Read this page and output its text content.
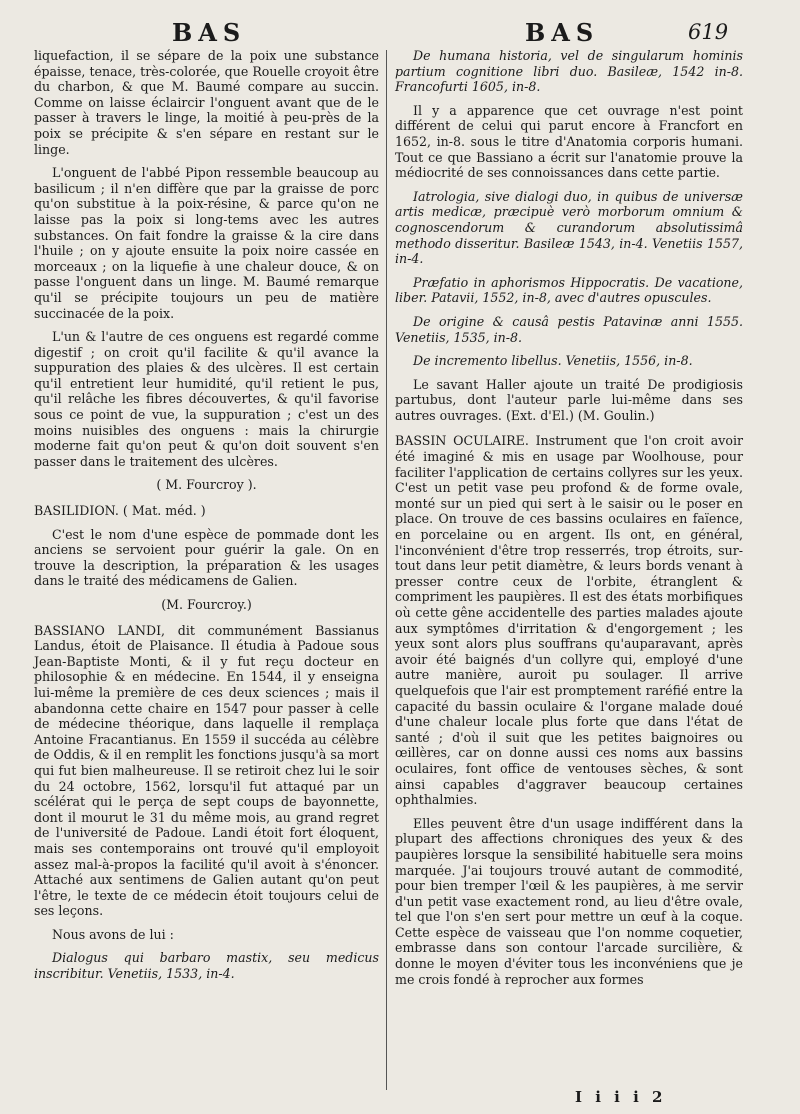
BAS	BAS	619

liquefaction, il se sépare de la poix une substance épaisse, tenace, très-colorée, que Rouelle croyoit être du charbon, & que M. Baumé compare au succin. Comme on laisse éclaircir l'onguent avant que de le passer à travers le linge, la moitié à peu-près de la poix se précipite & s'en sépare en restant sur le linge.

L'onguent de l'abbé Pipon ressemble beaucoup au basilicum ; il n'en diffère que par la graisse de porc qu'on substitue à la poix-résine, & parce qu'on ne laisse pas la poix si long-tems avec les autres substances. On fait fondre la graisse & la cire dans l'huile ; on y ajoute ensuite la poix noire cassée en morceaux ; on la liquefie à une chaleur douce, & on passe l'onguent dans un linge. M. Baumé remarque qu'il se précipite toujours un peu de matière succinacée de la poix.

L'un & l'autre de ces onguens est regardé comme digestif ; on croit qu'il facilite & qu'il avance la suppuration des plaies & des ulcères. Il est certain qu'il entretient leur humidité, qu'il retient le pus, qu'il relâche les fibres découvertes, & qu'il favorise sous ce point de vue, la suppuration ; c'est un des moins nuisibles des onguens : mais la chirurgie moderne fait qu'on peut & qu'on doit souvent s'en passer dans le traitement des ulcères.

( M. Fourcroy ).

BASILIDION. ( Mat. méd. )

C'est le nom d'une espèce de pommade dont les anciens se servoient pour guérir la gale. On en trouve la description, la préparation & les usages dans le traité des médicamens de Galien.

(M. Fourcroy.)

BASSIANO LANDI, dit communément Bassianus Landus, étoit de Plaisance. Il étudia à Padoue sous Jean-Baptiste Monti, & il y fut reçu docteur en philosophie & en médecine. En 1544, il y enseigna lui-même la première de ces deux sciences ; mais il abandonna cette chaire en 1547 pour passer à celle de médecine théorique, dans laquelle il remplaça Antoine Fracantianus. En 1559 il succéda au célèbre de Oddis, & il en remplit les fonctions jusqu'à sa mort qui fut bien malheureuse. Il se retiroit chez lui le soir du 24 octobre, 1562, lorsqu'il fut attaqué par un scélérat qui le perça de sept coups de bayonnette, dont il mourut le 31 du même mois, au grand regret de l'université de Padoue. Landi étoit fort éloquent, mais ses contemporains ont trouvé qu'il employoit assez mal-à-propos la facilité qu'il avoit à s'énoncer. Attaché aux sentimens de Galien autant qu'on peut l'être, le texte de ce médecin étoit toujours celui de ses leçons.

Nous avons de lui :

Dialogus qui barbaro mastix, seu medicus inscribitur. Venetiis, 1533, in-4.

De humana historia, vel de singularum hominis partium cognitione libri duo. Basileæ, 1542 in-8. Francofurti 1605, in-8.

Il y a apparence que cet ouvrage n'est point différent de celui qui parut encore à Francfort en 1652, in-8. sous le titre d'Anatomia corporis humani. Tout ce que Bassiano a écrit sur l'anatomie prouve la médiocrité de ses connoissances dans cette partie.

Iatrologia, sive dialogi duo, in quibus de universæ artis medicæ, præcipuè verò morborum omnium & cognoscendorum & curandorum absolutissimâ methodo disseritur. Basileæ 1543, in-4. Venetiis 1557, in-4.

Præfatio in aphorismos Hippocratis. De vacatione, liber. Patavii, 1552, in-8, avec d'autres opuscules.

De origine & causâ pestis Patavinæ anni 1555. Venetiis, 1535, in-8.

De incremento libellus. Venetiis, 1556, in-8.

Le savant Haller ajoute un traité De prodigiosis partubus, dont l'auteur parle lui-même dans ses autres ouvrages. (Ext. d'El.) (M. Goulin.)

BASSIN OCULAIRE. Instrument que l'on croit avoir été imaginé & mis en usage par Woolhouse, pour faciliter l'application de certains collyres sur les yeux. C'est un petit vase peu profond & de forme ovale, monté sur un pied qui sert à le saisir ou le poser en place. On trouve de ces bassins oculaires en faïence, en porcelaine ou en argent. Ils ont, en général, l'inconvénient d'être trop resserrés, trop étroits, sur-tout dans leur petit diamètre, & leurs bords venant à presser contre ceux de l'orbite, étranglent & compriment les paupières. Il est des états morbifiques où cette gêne accidentelle des parties malades ajoute aux symptômes d'irritation & d'engorgement ; les yeux sont alors plus souffrans qu'auparavant, après avoir été baignés d'un collyre qui, employé d'une autre manière, auroit pu soulager. Il arrive quelquefois que l'air est promptement raréfié entre la capacité du bassin oculaire & l'organe malade doué d'une chaleur locale plus forte que dans l'état de santé ; d'où il suit que les petites baignoires ou œillères, car on donne aussi ces noms aux bassins oculaires, font office de ventouses sèches, & sont ainsi capables d'aggraver beaucoup certaines ophthalmies.

Elles peuvent être d'un usage indifférent dans la plupart des affections chroniques des yeux & des paupières lorsque la sensibilité habituelle sera moins marquée. J'ai toujours trouvé autant de commodité, pour bien tremper l'œil & les paupières, à me servir d'un petit vase exactement rond, au lieu d'être ovale, tel que l'on s'en sert pour mettre un œuf à la coque. Cette espèce de vaisseau que l'on nomme coquetier, embrasse dans son contour l'arcade surcilière, & donne le moyen d'éviter tous les inconvéniens que je me crois fondé à reprocher aux formes

I i i i 2
